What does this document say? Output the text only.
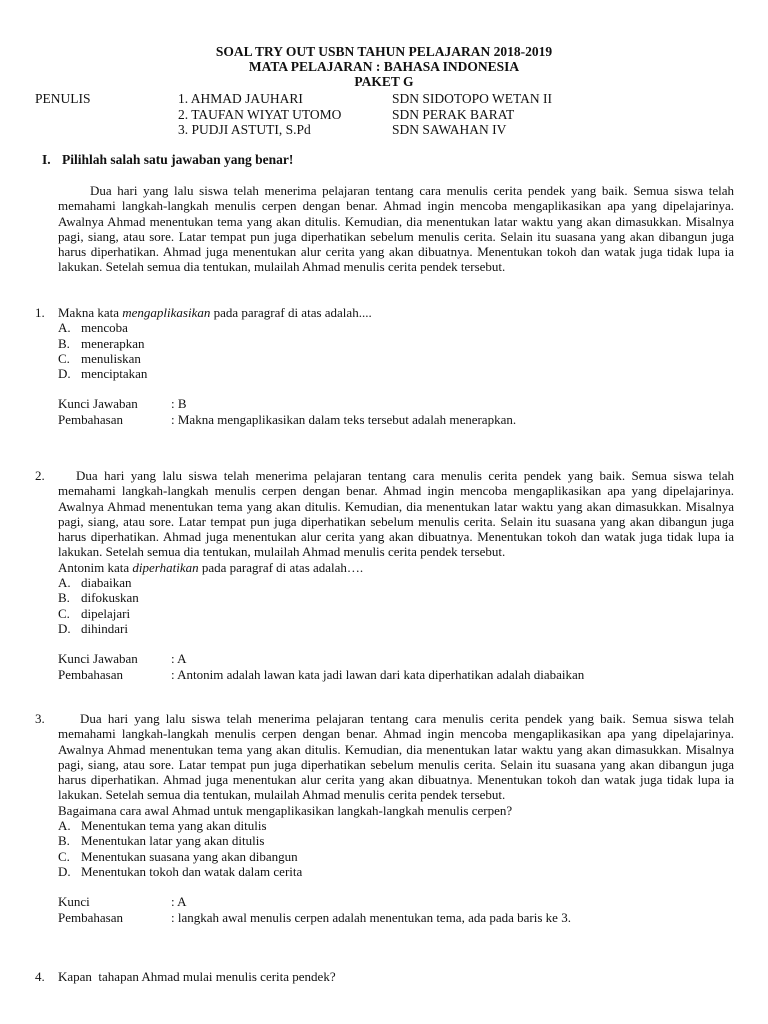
SOAL TRY OUT USBN TAHUN PELAJARAN 2018-2019
MATA PELAJARAN : BAHASA INDONESIA
PAKET G
PENULIS	1. AHMAD JAUHARI	SDN SIDOTOPO WETAN II
2. TAUFAN WIYAT UTOMO	SDN PERAK BARAT
3. PUDJI ASTUTI, S.Pd	SDN SAWAHAN IV
I. Pilihlah salah satu jawaban yang benar!
Dua hari yang lalu siswa telah menerima pelajaran tentang cara menulis cerita pendek yang baik. Semua siswa telah memahami langkah-langkah menulis cerpen dengan benar. Ahmad ingin mencoba mengaplikasikan apa yang dipelajarinya. Awalnya Ahmad menentukan tema yang akan ditulis. Kemudian, dia menentukan latar waktu yang akan dimasukkan. Misalnya pagi, siang, atau sore. Latar tempat pun juga diperhatikan sebelum menulis cerita. Selain itu suasana yang akan dibangun juga harus diperhatikan. Ahmad juga menentukan alur cerita yang akan dibuatnya. Menentukan tokoh dan watak juga tidak lupa ia lakukan. Setelah semua dia tentukan, mulailah Ahmad menulis cerita pendek tersebut.
1. Makna kata mengaplikasikan pada paragraf di atas adalah....
A. mencoba
B. menerapkan
C. menuliskan
D. menciptakan
Kunci Jawaban	: B
Pembahasan	: Makna mengaplikasikan dalam teks tersebut adalah menerapkan.
2.	Dua hari yang lalu siswa telah menerima pelajaran tentang cara menulis cerita pendek yang baik. Semua siswa telah memahami langkah-langkah menulis cerpen dengan benar. Ahmad ingin mencoba mengaplikasikan apa yang dipelajarinya. Awalnya Ahmad menentukan tema yang akan ditulis. Kemudian, dia menentukan latar waktu yang akan dimasukkan. Misalnya pagi, siang, atau sore. Latar tempat pun juga diperhatikan sebelum menulis cerita. Selain itu suasana yang akan dibangun juga harus diperhatikan. Ahmad juga menentukan alur cerita yang akan dibuatnya. Menentukan tokoh dan watak juga tidak lupa ia lakukan. Setelah semua dia tentukan, mulailah Ahmad menulis cerita pendek tersebut.
Antonim kata diperhatikan pada paragraf di atas adalah….
A. diabaikan
B. difokuskan
C. dipelajari
D. dihindari
Kunci Jawaban	: A
Pembahasan	: Antonim adalah lawan kata jadi lawan dari kata diperhatikan adalah diabaikan
3.	Dua hari yang lalu siswa telah menerima pelajaran tentang cara menulis cerita pendek yang baik. Semua siswa telah memahami langkah-langkah menulis cerpen dengan benar. Ahmad ingin mencoba mengaplikasikan apa yang dipelajarinya. Awalnya Ahmad menentukan tema yang akan ditulis. Kemudian, dia menentukan latar waktu yang akan dimasukkan. Misalnya pagi, siang, atau sore. Latar tempat pun juga diperhatikan sebelum menulis cerita. Selain itu suasana yang akan dibangun juga harus diperhatikan. Ahmad juga menentukan alur cerita yang akan dibuatnya. Menentukan tokoh dan watak juga tidak lupa ia lakukan. Setelah semua dia tentukan, mulailah Ahmad menulis cerita pendek tersebut.
Bagaimana cara awal Ahmad untuk mengaplikasikan langkah-langkah menulis cerpen?
A. Menentukan tema yang akan ditulis
B. Menentukan latar yang akan ditulis
C. Menentukan suasana yang akan dibangun
D. Menentukan tokoh dan watak dalam cerita
Kunci	: A
Pembahasan	: langkah awal menulis cerpen adalah menentukan tema, ada pada baris ke 3.
4. Kapan  tahapan Ahmad mulai menulis cerita pendek?
